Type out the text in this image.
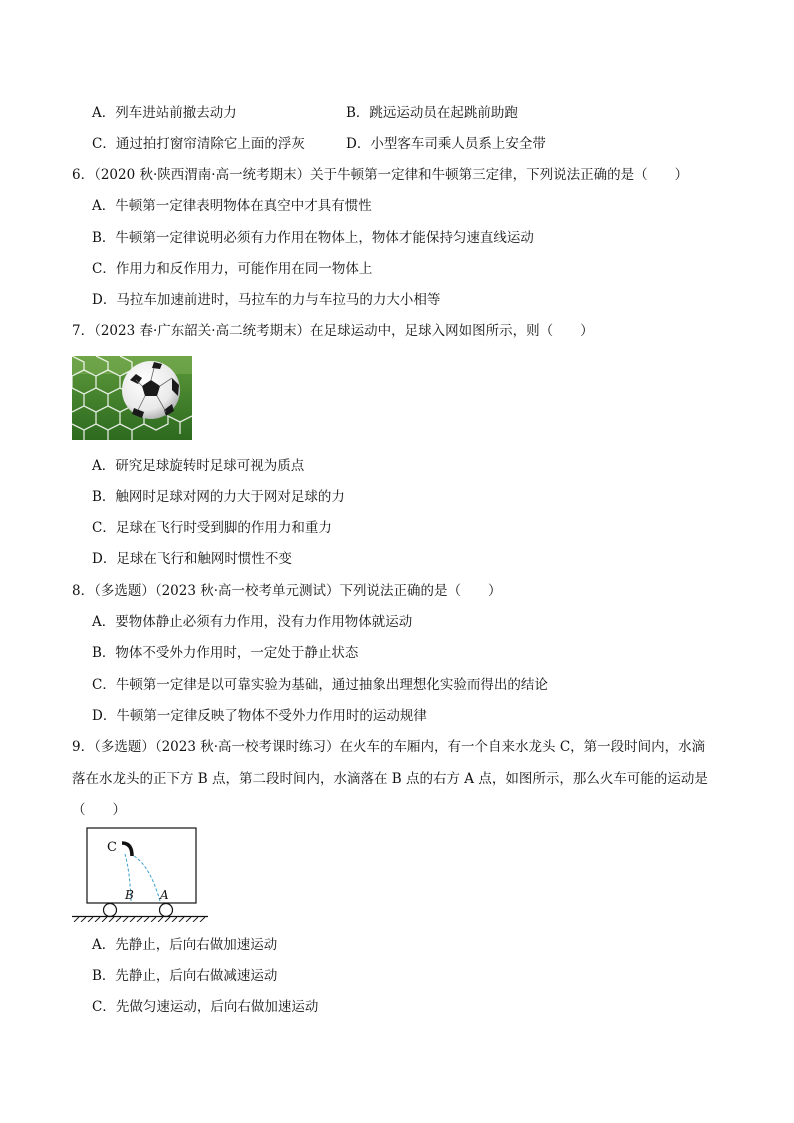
A．列车进站前撤去动力	B．跳远运动员在起跳前助跑
C．通过拍打窗帘清除它上面的浮灰	D．小型客车司乘人员系上安全带
6．（2020 秋·陕西渭南·高一统考期末）关于牛顿第一定律和牛顿第三定律，下列说法正确的是（　　）
A．牛顿第一定律表明物体在真空中才具有惯性
B．牛顿第一定律说明必须有力作用在物体上，物体才能保持匀速直线运动
C．作用力和反作用力，可能作用在同一物体上
D．马拉车加速前进时，马拉车的力与车拉马的力大小相等
7．（2023 春·广东韶关·高二统考期末）在足球运动中，足球入网如图所示，则（　　）
A．研究足球旋转时足球可视为质点
B．触网时足球对网的力大于网对足球的力
C．足球在飞行时受到脚的作用力和重力
D．足球在飞行和触网时惯性不变
8．（多选题）（2023 秋·高一校考单元测试）下列说法正确的是（　　）
A．要物体静止必须有力作用，没有力作用物体就运动
B．物体不受外力作用时，一定处于静止状态
C．牛顿第一定律是以可靠实验为基础，通过抽象出理想化实验而得出的结论
D．牛顿第一定律反映了物体不受外力作用时的运动规律
9．（多选题）（2023 秋·高一校考课时练习）在火车的车厢内，有一个自来水龙头 C，第一段时间内，水滴
落在水龙头的正下方 B 点，第二段时间内，水滴落在 B 点的右方 A 点，如图所示，那么火车可能的运动是
（　　）
C
B A
A．先静止，后向右做加速运动
B．先静止，后向右做减速运动
C．先做匀速运动，后向右做加速运动
